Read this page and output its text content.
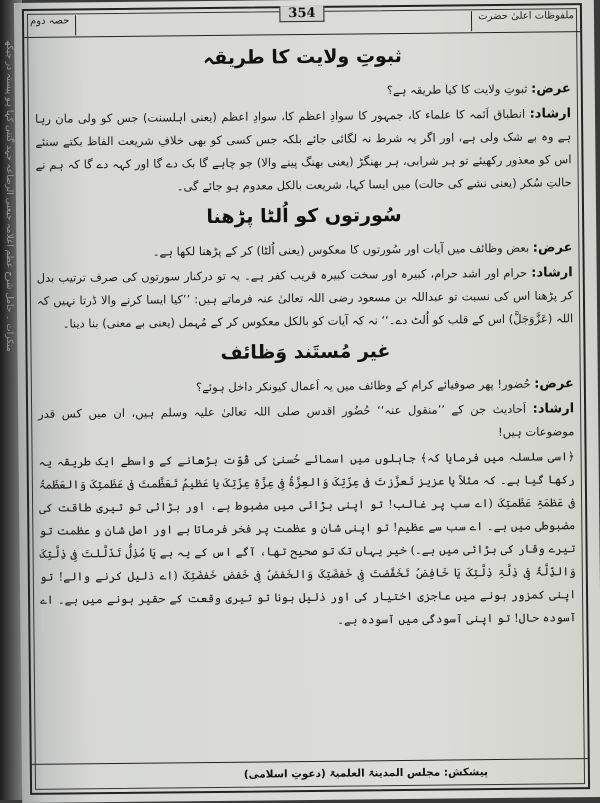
منکرات ۔ حامل شرح عظم اعلامہ جیعنی الرضاعہ جہد گنتی کہا ہو پیستہ در جیکھ
حصہ دوم
354	ملفوظات اعلیٰ حضرت
ثبوتِ ولایت کا طریقہ

عرض: ثبوتِ ولایت کا کیا طریقہ ہے؟

ارشاد: انطباق اَئمہ کا علماء کا، جمہور کا سوادِ اعظم کا، سوادِ اعظم (یعنی اہلسنت) جس کو ولی مان رہا ہے وہ بے شک ولی ہے، اور اگر یہ شرط نہ لگائی جائے بلکہ جس کسی کو بھی خلافِ شریعت الفاظ بکتے سنئے اس کو معذور رکھیئے تو ہر شرابی، ہر بھنگڑ (یعنی بھنگ پینے والا) جو چاہے گا بک دے گا اور کہہ دے گا کہ ہم نے حالتِ سُکر (یعنی نشے کی حالت) میں ایسا کہا، شریعت بالکل معدوم ہو جائے گی۔

سُورتوں کو اُلٹا پڑھنا

عرض: بعض وظائف میں آیات اور سُورتوں کا معکوس (یعنی اُلٹا) کر کے پڑھنا لکھا ہے۔

ارشاد: حرام اور اشد حرام، کبیرہ اور سخت کبیرہ قریب کفر ہے۔ یہ تو درکنار سورتوں کی صرف ترتیب بدل کر پڑھنا اس کی نسبت تو عبداللہ بن مسعود رضی اللہ تعالیٰ عنہ فرماتے ہیں: ’’کیا ایسا کرنے والا ڈرتا نہیں کہ اللہ (عَزَّوَجَلَّ) اس کے قلب کو اُلٹ دے۔‘‘ نہ کہ آیات کو بالکل معکوس کر کے مُہمل (یعنی بے معنی) بنا دینا۔

غیر مُستَند وَظائف

عرض: حُضور! پھر صوفیائے کرام کے وظائف میں یہ اَعمال کیونکر داخل ہوئے؟

ارشاد: اَحادیث جن کے ’’منقول عنہ‘‘ حُضُور اقدس صلی اللہ تعالیٰ علیہ وسلم ہیں، ان میں کس قدر موضوعات ہیں!

﴿اسی سلسلہ میں فرمایا کہ﴾ جاہلوں میں اسمائے حُسنیٰ کی قُوّت بڑھانے کے واسطے ایک طریقہ یہ رکھا گیا ہے۔ کہ مثلاً یا عزیز تَعزَّزتَ فی عِزّتِکَ وَالعِزَّۃُ فِی عِزَّۃِ عِزّتِکَ یا عَظیمُ تَعَظَّمتَ فی عَظَمتِکَ وَالعَظَمۃُ فی عَظمَۃِ عَظَمتِکَ (اے سب پر غالب! تو اپنی بڑائی میں مضبوط ہے، اور بڑائی تو تیری طاقت کی مضبوطی میں ہے۔ اے سب سے عظیم! تو اپنی شان و عظمت پر فخر فرماتا ہے اور اصل شان و عظمت تو تیرے وقار کی بڑائی میں ہے۔) خیر یہاں تک تو صحیح تھا، آگے اس کے یہ ہے یَا مُذِلُّ تَذَلَّلتَ فِی ذِلَّتِکَ وَالذِّلَّۃُ فِی ذِلَّۃِ ذِلَّتِکَ یَا خَافِضُ تَخَفَّضتَ فِی خَفضَتِکَ وَالخَفضُ فِی خَفضِ خَفضَتِکَ (اے ذلیل کرنے والے! تو اپنی کمزور ہونے میں عاجزی اختیار کی اور ذلیل ہونا تو تیری وقعت کے حقیر ہونے میں ہے۔ اے آسودہ حال! تو اپنی آسودگی میں آسودہ ہے۔

پیشکش: مجلس المدینۃ العلمیۃ (دعوتِ اسلامی)
